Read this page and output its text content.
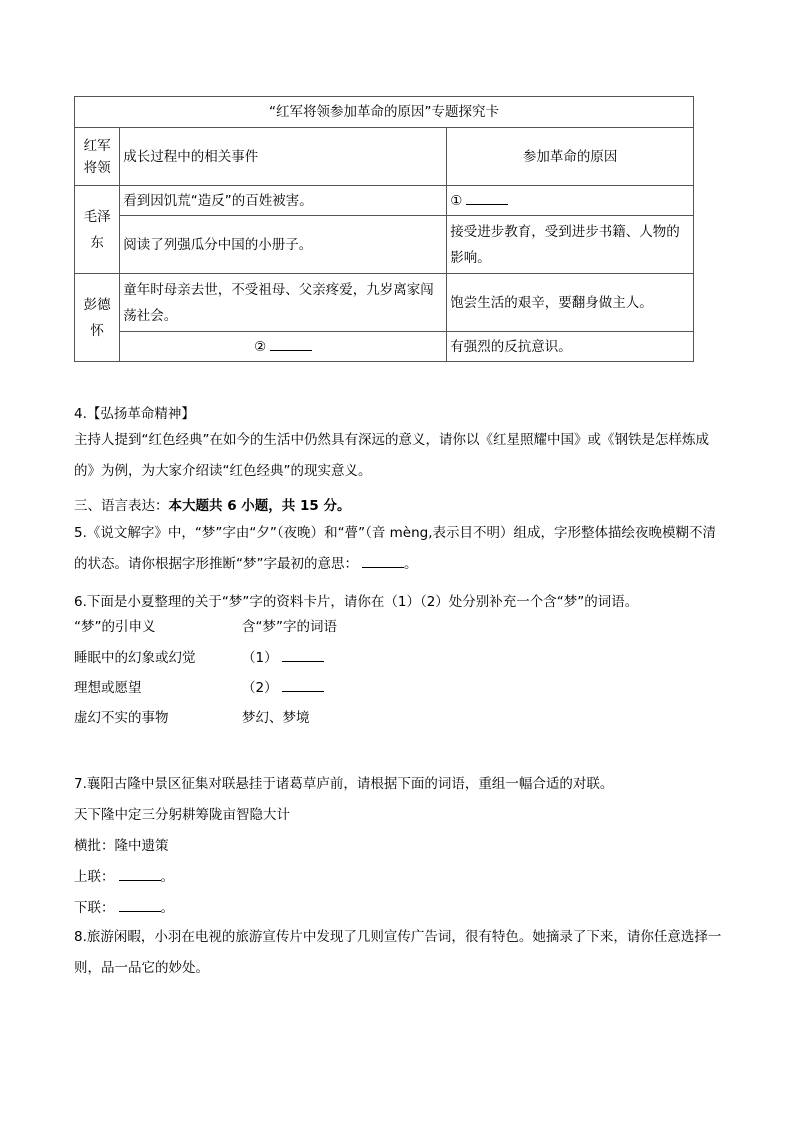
“红军将领参加革命的原因”专题探究卡		
红军将领	成长过程中的相关事件	参加革命的原因
毛泽东	看到因饥荒“造反”的百姓被害。	①
	阅读了列强瓜分中国的小册子。	接受进步教育，受到进步书籍、人物的影响。
彭德怀	童年时母亲去世，不受祖母、父亲疼爱，九岁离家闯荡社会。	饱尝生活的艰辛，要翻身做主人。
	②	有强烈的反抗意识。
4.【弘扬革命精神】
主持人提到“红色经典”在如今的生活中仍然具有深远的意义，请你以《红星照耀中国》或《钢铁是怎样炼成的》为例，为大家介绍读“红色经典”的现实意义。
三、语言表达：本大题共 6 小题，共 15 分。
5.《说文解字》中，“梦”字由“夕”（夜晚）和“瞢”（音 mèng,表示目不明）组成，字形整体描绘夜晚模糊不清的状态。请你根据字形推断“梦”字最初的意思：	。
6.下面是小夏整理的关于“梦”字的资料卡片，请你在（1）（2）处分别补充一个含“梦”的词语。
“梦”的引申义	含“梦”字的词语
睡眠中的幻象或幻觉	（1）
理想或愿望	（2）
虚幻不实的事物	梦幻、梦境
7.襄阳古隆中景区征集对联悬挂于诸葛草庐前，请根据下面的词语，重组一幅合适的对联。
天下隆中定三分躬耕筹陇亩智隐大计
横批：隆中遗策
上联：	。
下联：	。
8.旅游闲暇，小羽在电视的旅游宣传片中发现了几则宣传广告词，很有特色。她摘录了下来，请你任意选择一则，品一品它的妙处。
